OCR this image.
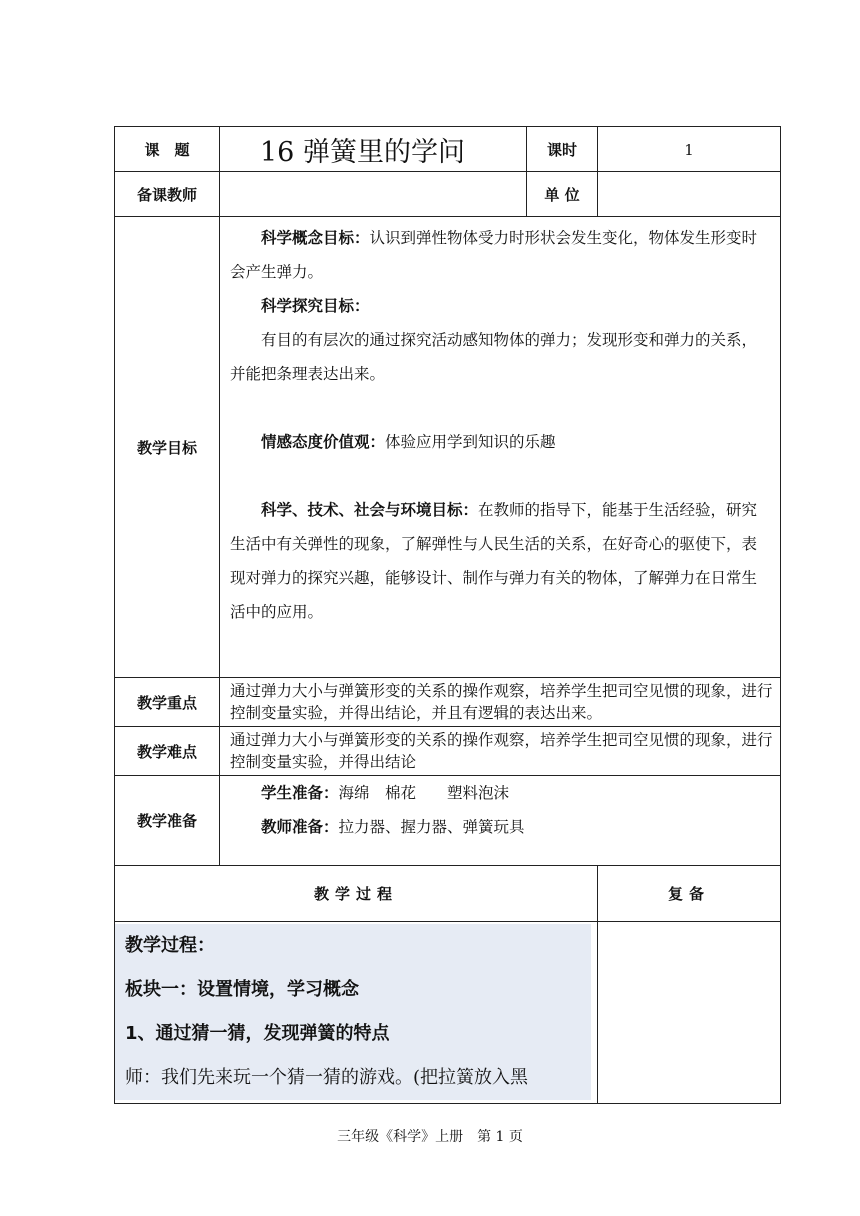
课　题	16 弹簧里的学问	课时	1
备课教师		单 位	
教学目标	科学概念目标：认识到弹性物体受力时形状会发生变化，物体发生形变时会产生弹力。

科学探究目标：

有目的有层次的通过探究活动感知物体的弹力；发现形变和弹力的关系，并能把条理表达出来。

情感态度价值观：体验应用学到知识的乐趣

科学、技术、社会与环境目标：在教师的指导下，能基于生活经验，研究生活中有关弹性的现象，了解弹性与人民生活的关系，在好奇心的驱使下，表现对弹力的探究兴趣，能够设计、制作与弹力有关的物体，了解弹力在日常生活中的应用。		

教学重点	通过弹力大小与弹簧形变的关系的操作观察，培养学生把司空见惯的现象，进行控制变量实验，并得出结论，并且有逻辑的表达出来。		

教学难点	通过弹力大小与弹簧形变的关系的操作观察，培养学生把司空见惯的现象，进行控制变量实验，并得出结论		

教学准备	学生准备：海绵　棉花　　塑料泡沫

教师准备：拉力器、握力器、弹簧玩具		

教学过程			复备

教学过程：

板块一：设置情境，学习概念

1、通过猜一猜，发现弹簧的特点

师：我们先来玩一个猜一猜的游戏。(把拉簧放入黑			

三年级《科学》上册　第 1 页
